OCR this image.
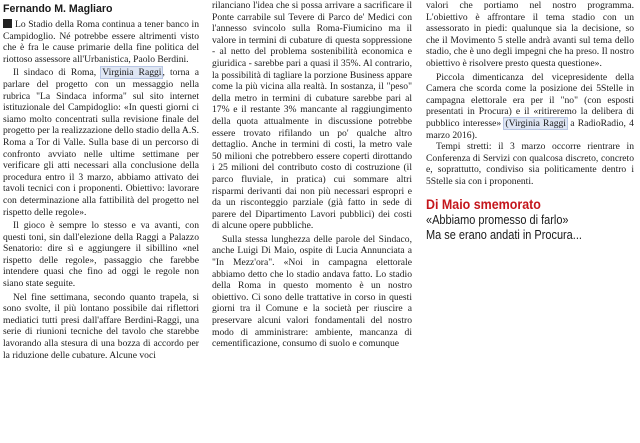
Fernando M. Magliaro

Lo Stadio della Roma continua a tener banco in Campidoglio. Né potrebbe essere altrimenti visto che è fra le cause primarie della fine politica del riottoso assessore all'Urbanistica, Paolo Berdini.

Il sindaco di Roma, Virginia Raggi, torna a parlare del progetto con un messaggio nella rubrica "La Sindaca informa" sul sito internet istituzionale del Campidoglio: «In questi giorni ci siamo molto concentrati sulla revisione finale del progetto per la realizzazione dello stadio della A.S. Roma a Tor di Valle. Sulla base di un percorso di confronto avviato nelle ultime settimane per verificare gli atti necessari alla conclusione della procedura entro il 3 marzo, abbiamo attivato dei tavoli tecnici con i proponenti. Obiettivo: lavorare con determinazione alla fattibilità del progetto nel rispetto delle regole».

Il gioco è sempre lo stesso e va avanti, con questi toni, sin dall'elezione della Raggi a Palazzo Senatorio: dire sì e aggiungere il sibillino «nel rispetto delle regole», passaggio che farebbe intendere quasi che fino ad oggi le regole non siano state seguite.

Nel fine settimana, secondo quanto trapela, si sono svolte, il più lontano possibile dai riflettori mediatici tutti presi dall'affare Berdini-Raggi, una serie di riunioni tecniche del tavolo che starebbe lavorando alla stesura di una bozza di accordo per la riduzione delle cubature. Alcune voci

rilanciano l'idea che si possa arrivare a sacrificare il Ponte carrabile sul Tevere di Parco de' Medici con l'annesso svincolo sulla Roma-Fiumicino ma il valore in termini di cubature di questa soppressione - al netto del problema sostenibilità economica e giuridica - sarebbe pari a quasi il 35%. Al contrario, la possibilità di tagliare la porzione Business appare come la più vicina alla realtà. In sostanza, il "peso" della metro in termini di cubature sarebbe pari al 17% e il restante 3% mancante al raggiungimento della quota attualmente in discussione potrebbe essere trovato rifilando un po' qualche altro dettaglio. Anche in termini di costi, la metro vale 50 milioni che potrebbero essere coperti dirottando i 25 milioni del contributo costo di costruzione (il parco fluviale, in pratica) cui sommare altri risparmi derivanti dai non più necessari espropri e da un risconteggio parziale (già fatto in sede di parere del Dipartimento Lavori pubblici) dei costi di alcune opere pubbliche.

Sulla stessa lunghezza delle parole del Sindaco, anche Luigi Di Maio, ospite di Lucia Annunciata a "In Mezz'ora". «Noi in campagna elettorale abbiamo detto che lo stadio andava fatto. Lo stadio della Roma in questo momento è un nostro obiettivo. Ci sono delle trattative in corso in questi giorni tra il Comune e la società per riuscire a preservare alcuni valori fondamentali del nostro modo di amministrare: ambiente, mancanza di cementificazione, consumo di suolo e comunque

valori che portiamo nel nostro programma. L'obiettivo è affrontare il tema stadio con un assessorato in piedi: qualunque sia la decisione, so che il Movimento 5 stelle andrà avanti sul tema dello stadio, che è uno degli impegni che ha preso. Il nostro obiettivo è risolvere presto questa questione».

Piccola dimenticanza del vicepresidente della Camera che scorda come la posizione dei 5Stelle in campagna elettorale era per il "no" (con esposti presentati in Procura) e il «ritireremo la delibera di pubblico interesse» (Virginia Raggi a RadioRadio, 4 marzo 2016).

Tempi stretti: il 3 marzo occorre rientrare in Conferenza di Servizi con qualcosa discreto, concreto e, soprattutto, condiviso sia politicamente dentro i 5Stelle sia con i proponenti.

Di Maio smemorato
«Abbiamo promesso di farlo»
Ma se erano andati in Procura...
